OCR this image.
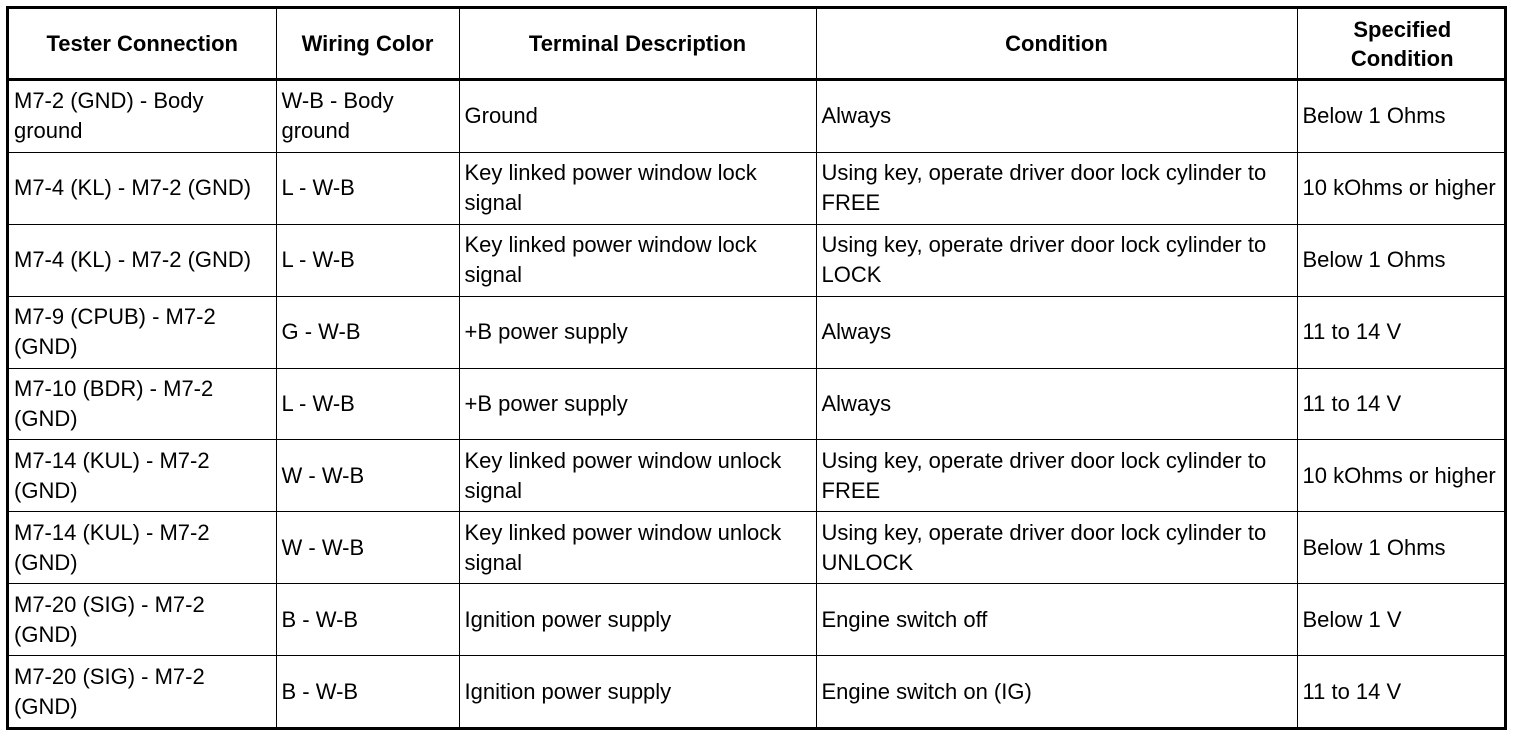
Tester Connection	Wiring Color	Terminal Description	Condition	Specified Condition
M7-2 (GND) - Body ground	W-B - Body ground	Ground	Always	Below 1 Ohms
M7-4 (KL) - M7-2 (GND)	L - W-B	Key linked power window lock signal	Using key, operate driver door lock cylinder to FREE	10 kOhms or higher
M7-4 (KL) - M7-2 (GND)	L - W-B	Key linked power window lock signal	Using key, operate driver door lock cylinder to LOCK	Below 1 Ohms
M7-9 (CPUB) - M7-2 (GND)	G - W-B	+B power supply	Always	11 to 14 V
M7-10 (BDR) - M7-2 (GND)	L - W-B	+B power supply	Always	11 to 14 V
M7-14 (KUL) - M7-2 (GND)	W - W-B	Key linked power window unlock signal	Using key, operate driver door lock cylinder to FREE	10 kOhms or higher
M7-14 (KUL) - M7-2 (GND)	W - W-B	Key linked power window unlock signal	Using key, operate driver door lock cylinder to UNLOCK	Below 1 Ohms
M7-20 (SIG) - M7-2 (GND)	B - W-B	Ignition power supply	Engine switch off	Below 1 V
M7-20 (SIG) - M7-2 (GND)	B - W-B	Ignition power supply	Engine switch on (IG)	11 to 14 V
